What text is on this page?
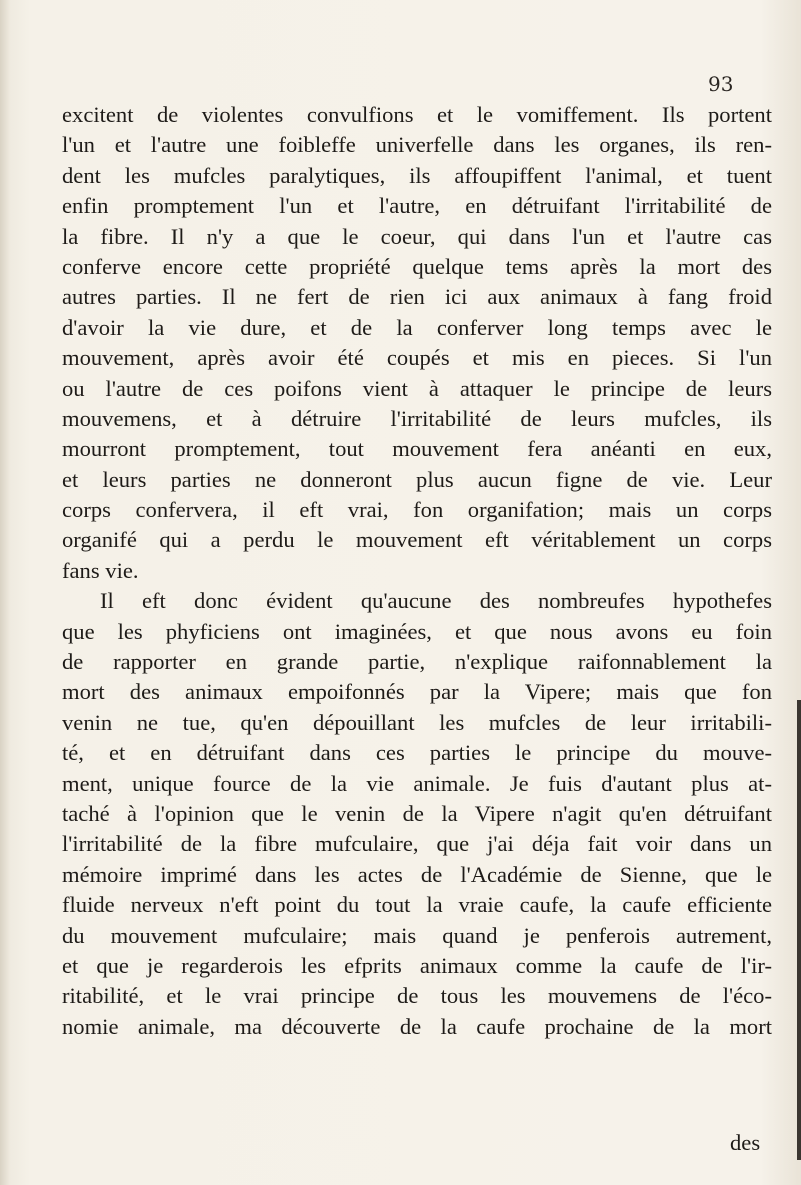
93
excitent de violentes convulfions et le vomiffement. Ils portent
l'un et l'autre une foibleffe univerfelle dans les organes, ils ren-
dent les mufcles paralytiques, ils affoupiffent l'animal, et tuent
enfin promptement l'un et l'autre, en détruifant l'irritabilité de
la fibre. Il n'y a que le coeur, qui dans l'un et l'autre cas
conferve encore cette propriété quelque tems après la mort des
autres parties. Il ne fert de rien ici aux animaux à fang froid
d'avoir la vie dure, et de la conferver long temps avec le
mouvement, après avoir été coupés et mis en pieces. Si l'un
ou l'autre de ces poifons vient à attaquer le principe de leurs
mouvemens, et à détruire l'irritabilité de leurs mufcles, ils
mourront promptement, tout mouvement fera anéanti en eux,
et leurs parties ne donneront plus aucun figne de vie. Leur
corps confervera, il eft vrai, fon organifation; mais un corps
organifé qui a perdu le mouvement eft véritablement un corps
fans vie.
Il eft donc évident qu'aucune des nombreufes hypothefes
que les phyficiens ont imaginées, et que nous avons eu foin
de rapporter en grande partie, n'explique raifonnablement la
mort des animaux empoifonnés par la Vipere; mais que fon
venin ne tue, qu'en dépouillant les mufcles de leur irritabili-
té, et en détruifant dans ces parties le principe du mouve-
ment, unique fource de la vie animale. Je fuis d'autant plus at-
taché à l'opinion que le venin de la Vipere n'agit qu'en détruifant
l'irritabilité de la fibre mufculaire, que j'ai déja fait voir dans un
mémoire imprimé dans les actes de l'Académie de Sienne, que le
fluide nerveux n'eft point du tout la vraie caufe, la caufe efficiente
du mouvement mufculaire; mais quand je penferois autrement,
et que je regarderois les efprits animaux comme la caufe de l'ir-
ritabilité, et le vrai principe de tous les mouvemens de l'éco-
nomie animale, ma découverte de la caufe prochaine de la mort
des
